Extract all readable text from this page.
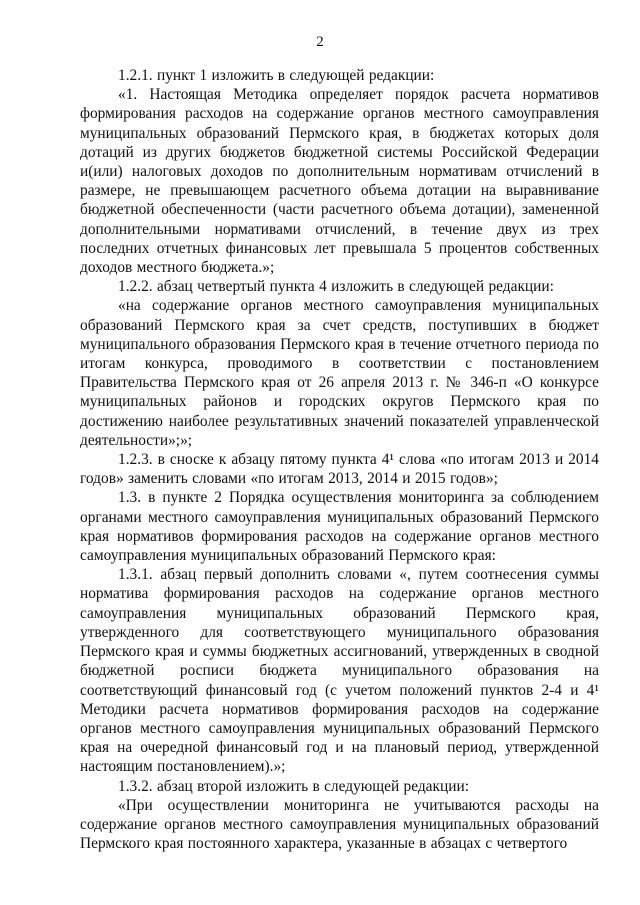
2

1.2.1. пункт 1 изложить в следующей редакции:

«1. Настоящая Методика определяет порядок расчета нормативов формирования расходов на содержание органов местного самоуправления муниципальных образований Пермского края, в бюджетах которых доля дотаций из других бюджетов бюджетной системы Российской Федерации и(или) налоговых доходов по дополнительным нормативам отчислений в размере, не превышающем расчетного объема дотации на выравнивание бюджетной обеспеченности (части расчетного объема дотации), замененной дополнительными нормативами отчислений, в течение двух из трех последних отчетных финансовых лет превышала 5 процентов собственных доходов местного бюджета.»;

1.2.2. абзац четвертый пункта 4 изложить в следующей редакции:

«на содержание органов местного самоуправления муниципальных образований Пермского края за счет средств, поступивших в бюджет муниципального образования Пермского края в течение отчетного периода по итогам конкурса, проводимого в соответствии с постановлением Правительства Пермского края от 26 апреля 2013 г. № 346-п «О конкурсе муниципальных районов и городских округов Пермского края по достижению наиболее результативных значений показателей управленческой деятельности»;»;

1.2.3. в сноске к абзацу пятому пункта 4¹ слова «по итогам 2013 и 2014 годов» заменить словами «по итогам 2013, 2014 и 2015 годов»;

1.3. в пункте 2 Порядка осуществления мониторинга за соблюдением органами местного самоуправления муниципальных образований Пермского края нормативов формирования расходов на содержание органов местного самоуправления муниципальных образований Пермского края:

1.3.1. абзац первый дополнить словами «, путем соотнесения суммы норматива формирования расходов на содержание органов местного самоуправления муниципальных образований Пермского края, утвержденного для соответствующего муниципального образования Пермского края и суммы бюджетных ассигнований, утвержденных в сводной бюджетной росписи бюджета муниципального образования на соответствующий финансовый год (с учетом положений пунктов 2-4 и 4¹ Методики расчета нормативов формирования расходов на содержание органов местного самоуправления муниципальных образований Пермского края на очередной финансовый год и на плановый период, утвержденной настоящим постановлением).»;

1.3.2. абзац второй изложить в следующей редакции:

«При осуществлении мониторинга не учитываются расходы на содержание органов местного самоуправления муниципальных образований Пермского края постоянного характера, указанные в абзацах с четвертого
